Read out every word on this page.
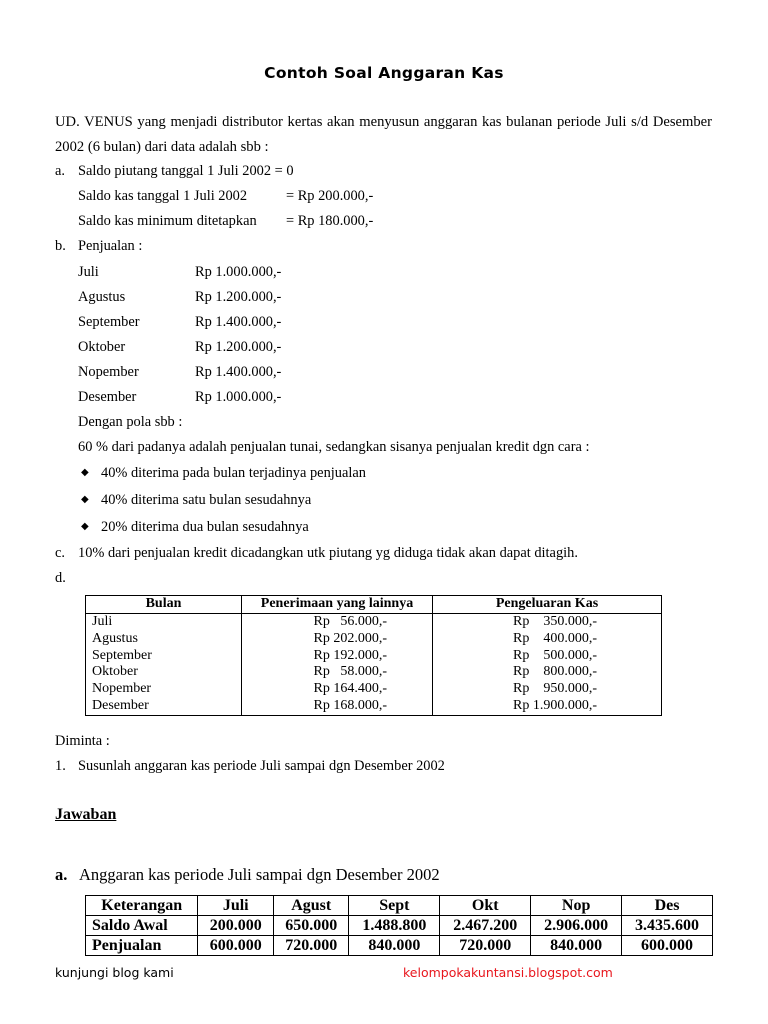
Contoh Soal Anggaran Kas
UD. VENUS yang menjadi distributor kertas akan menyusun anggaran kas bulanan periode Juli s/d Desember 2002 (6 bulan) dari data adalah sbb :
a. Saldo piutang tanggal 1 Juli 2002 = 0
Saldo kas tanggal 1 Juli 2002	= Rp 200.000,-
Saldo kas minimum ditetapkan = Rp 180.000,-
b. Penjualan :
Juli	Rp 1.000.000,-
Agustus	Rp 1.200.000,-
September	Rp 1.400.000,-
Oktober	Rp 1.200.000,-
Nopember	Rp 1.400.000,-
Desember	Rp 1.000.000,-
Dengan pola sbb :
60 % dari padanya adalah penjualan tunai, sedangkan sisanya penjualan kredit dgn cara :
◆ 40% diterima pada bulan terjadinya penjualan
◆ 40% diterima satu bulan sesudahnya
◆ 20% diterima dua bulan sesudahnya
c. 10% dari penjualan kredit dicadangkan utk piutang yg diduga tidak akan dapat ditagih.
d.
Bulan	Penerimaan yang lainnya	Pengeluaran Kas
Juli	Rp   56.000,-	Rp    350.000,-
Agustus	Rp 202.000,-	Rp    400.000,-
September	Rp 192.000,-	Rp    500.000,-
Oktober	Rp   58.000,-	Rp    800.000,-
Nopember	Rp 164.400,-	Rp    950.000,-
Desember	Rp 168.000,-	Rp 1.900.000,-
Diminta :
1. Susunlah anggaran kas periode Juli sampai dgn Desember 2002
Jawaban
a. Anggaran kas periode Juli sampai dgn Desember 2002
Keterangan	Juli	Agust	Sept	Okt	Nop	Des
Saldo Awal	200.000	650.000	1.488.800	2.467.200	2.906.000	3.435.600
Penjualan	600.000	720.000	840.000	720.000	840.000	600.000
kunjungi blog kami	kelompokakuntansi.blogspot.com
